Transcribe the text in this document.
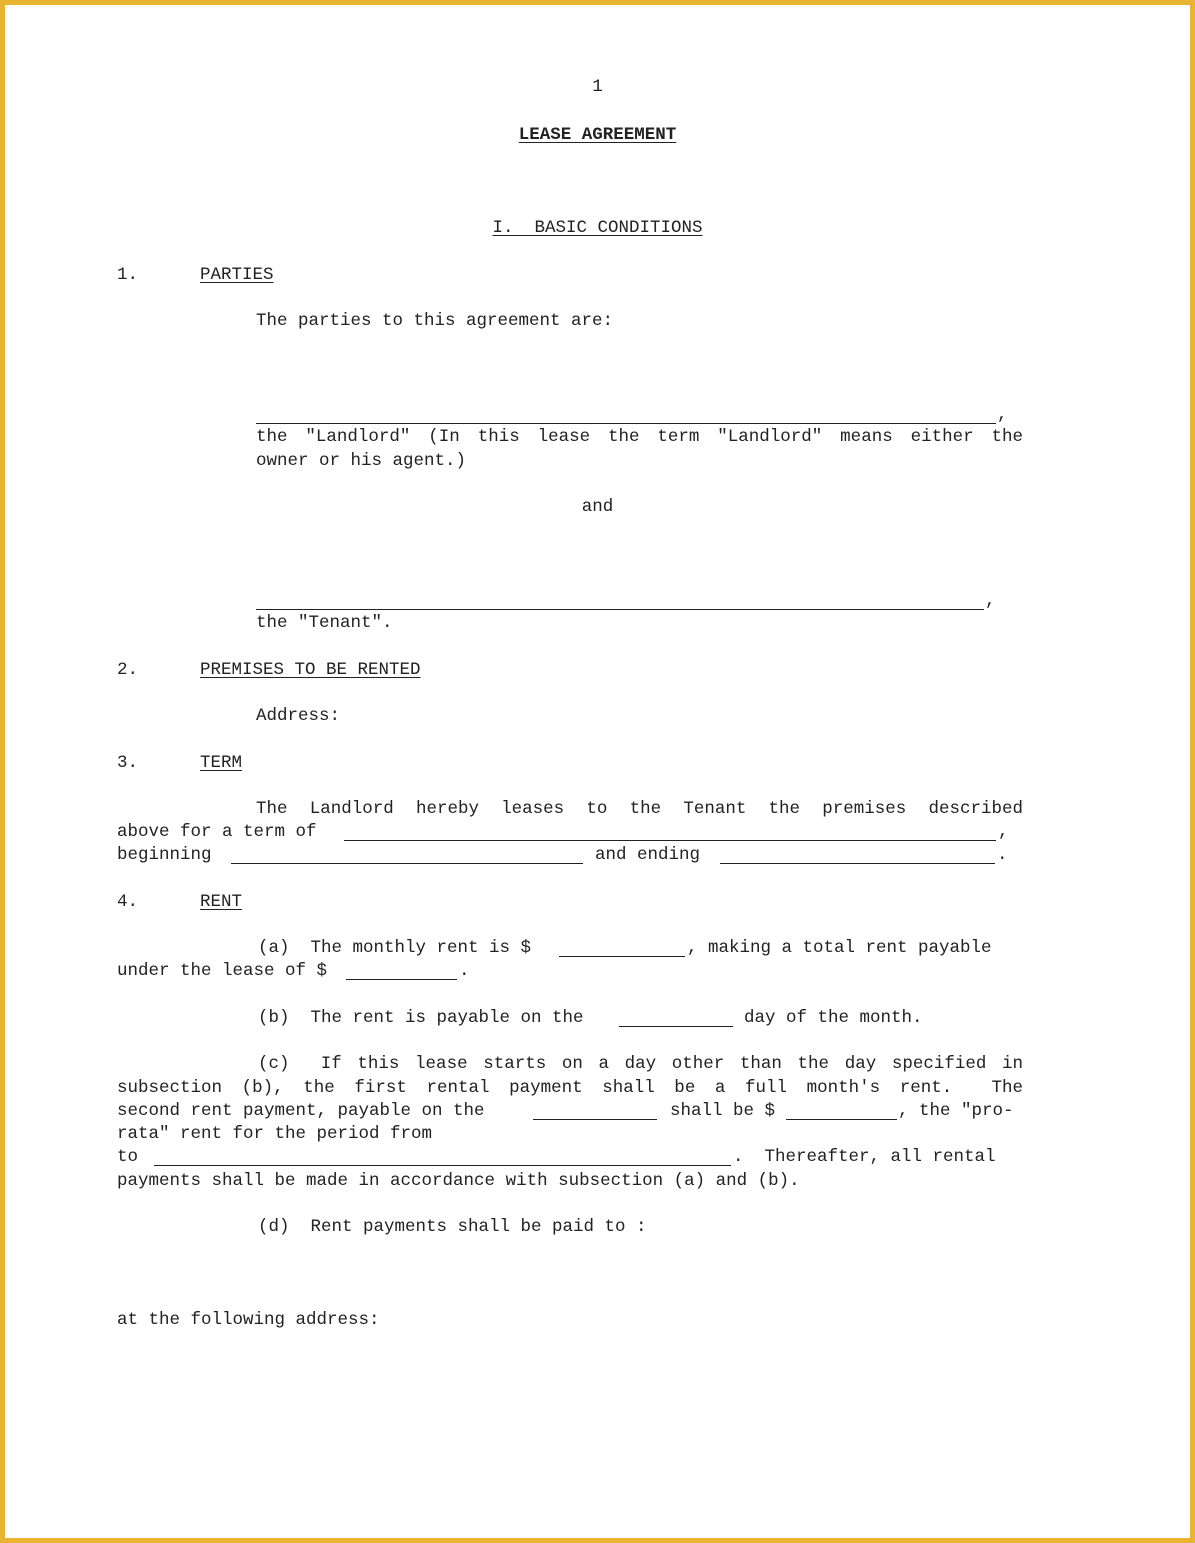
1
LEASE AGREEMENT
I.  BASIC CONDITIONS
1.	PARTIES
The parties to this agreement are:
,
the "Landlord" (In this lease the term "Landlord" means either the
owner or his agent.)
and
,
the "Tenant".
2.	PREMISES TO BE RENTED
Address:
3.	TERM
The Landlord hereby leases to the Tenant the premises described
above for a term of	,
beginning	and ending	.
4.	RENT
(a)  The monthly rent is $	, making a total rent payable
under the lease of $	.
(b)  The rent is payable on the	day of the month.
(c)  If this lease starts on a day other than the day specified in
subsection (b), the first rental payment shall be a full month's rent.  The
second rent payment, payable on the	shall be $	, the "pro-
rata" rent for the period from
to	.  Thereafter, all rental
payments shall be made in accordance with subsection (a) and (b).
(d)  Rent payments shall be paid to :
at the following address:
